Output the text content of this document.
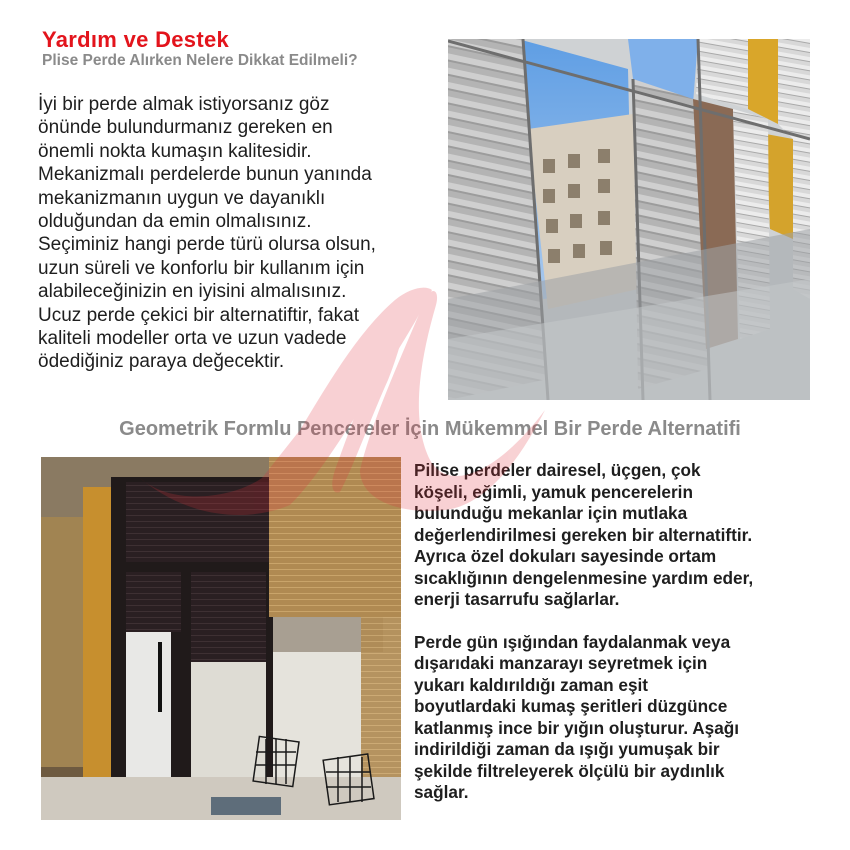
Yardım ve Destek
Plise Perde Alırken Nelere Dikkat Edilmeli?
İyi bir perde almak istiyorsanız göz
önünde bulundurmanız gereken en
önemli nokta kumaşın kalitesidir.
Mekanizmalı perdelerde bunun yanında
mekanizmanın uygun ve dayanıklı
olduğundan da emin olmalısınız.
Seçiminiz hangi perde türü olursa olsun,
uzun süreli ve konforlu bir kullanım için
alabileceğinizin en iyisini almalısınız.
Ucuz perde çekici bir alternatiftir, fakat
kaliteli modeller orta ve uzun vadede
ödediğiniz paraya değecektir.
Geometrik Formlu Pencereler İçin Mükemmel Bir Perde Alternatifi
Pilise perdeler dairesel, üçgen, çok
köşeli, eğimli, yamuk pencerelerin
bulunduğu mekanlar için mutlaka
değerlendirilmesi gereken bir alternatiftir.
Ayrıca özel dokuları sayesinde ortam
sıcaklığının dengelenmesine yardım eder,
enerji tasarrufu sağlarlar.
Perde gün ışığından faydalanmak veya
dışarıdaki manzarayı seyretmek için
yukarı kaldırıldığı zaman eşit
boyutlardaki kumaş şeritleri düzgünce
katlanmış ince bir yığın oluşturur. Aşağı
indirildiği zaman da ışığı yumuşak bir
şekilde filtreleyerek ölçülü bir aydınlık
sağlar.
